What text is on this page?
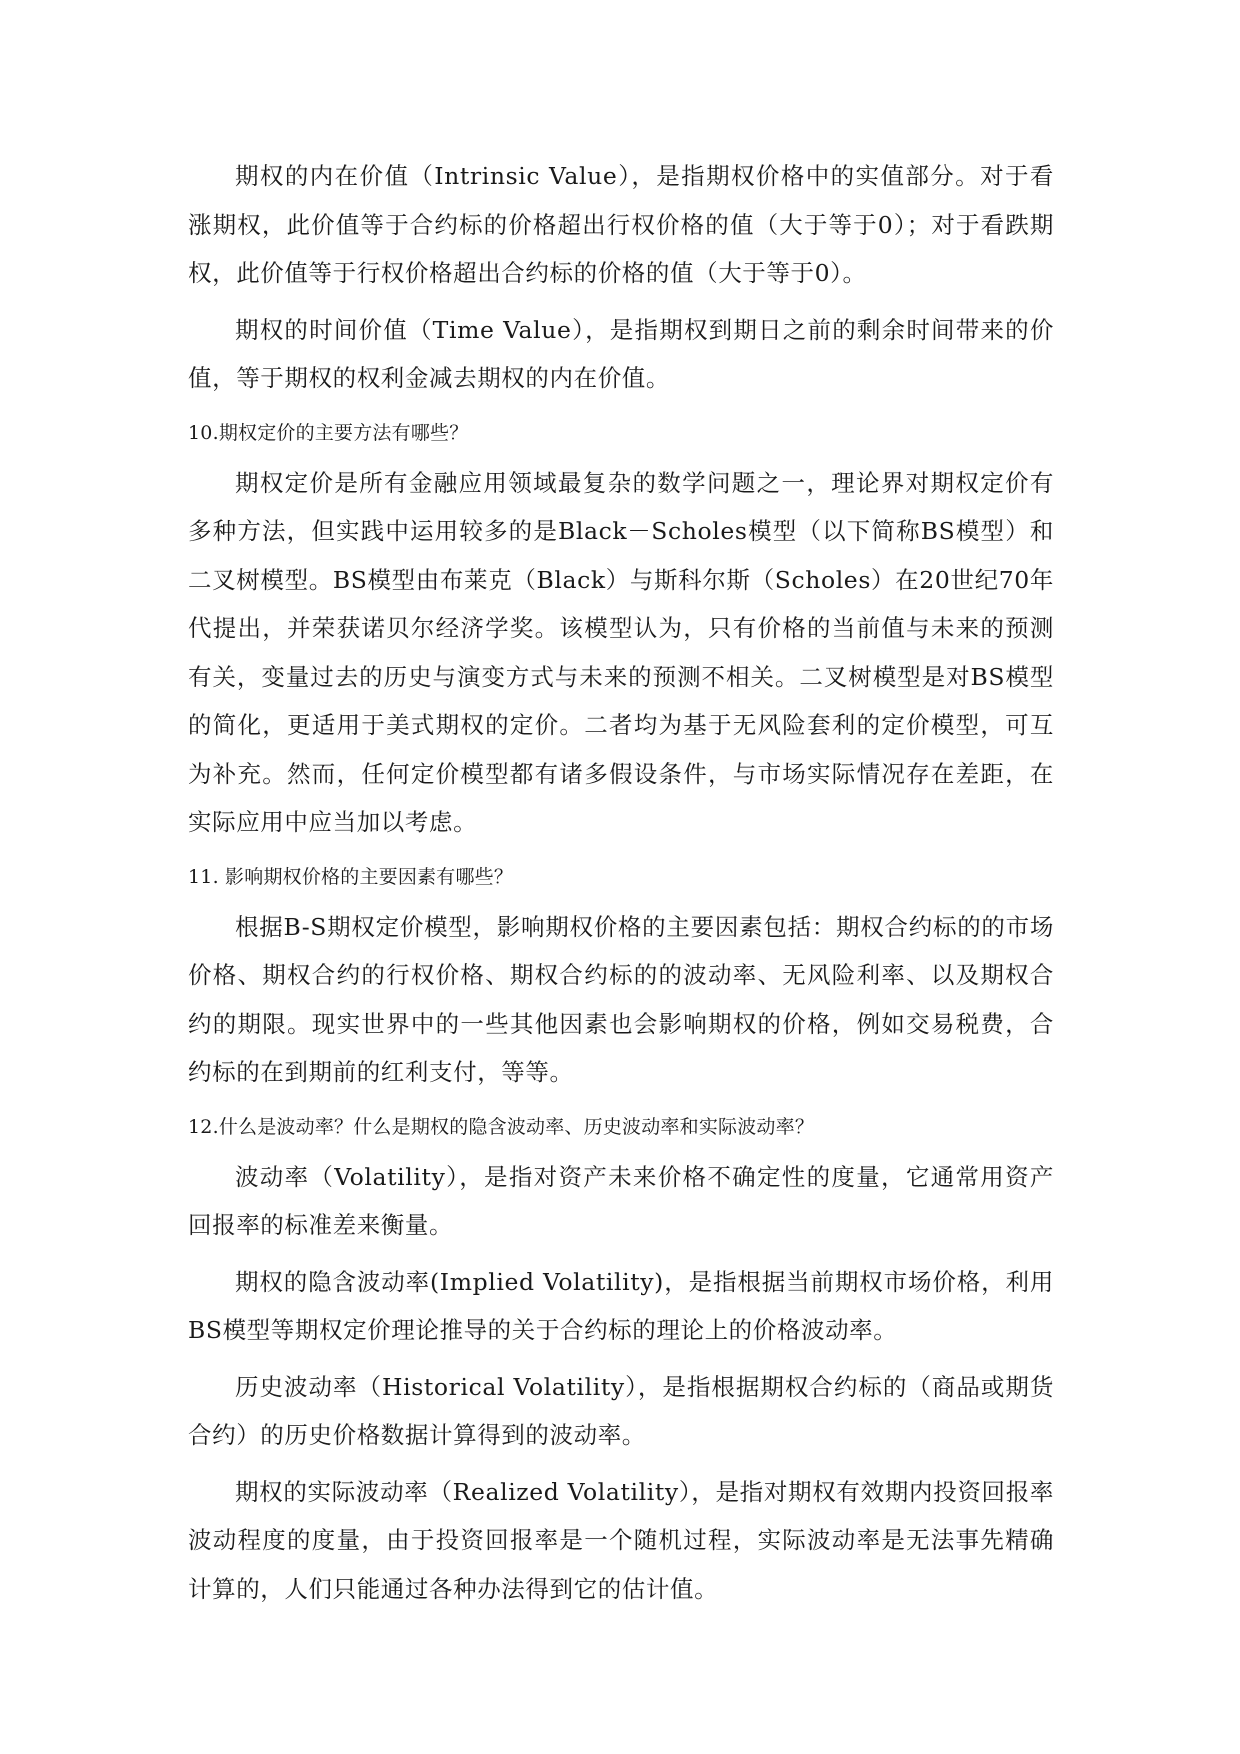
期权的内在价值（Intrinsic Value），是指期权价格中的实值部分。对于看涨期权，此价值等于合约标的价格超出行权价格的值（大于等于0）；对于看跌期权，此价值等于行权价格超出合约标的价格的值（大于等于0）。

期权的时间价值（Time Value），是指期权到期日之前的剩余时间带来的价值，等于期权的权利金减去期权的内在价值。

10.期权定价的主要方法有哪些？

期权定价是所有金融应用领域最复杂的数学问题之一，理论界对期权定价有多种方法，但实践中运用较多的是Black－Scholes模型（以下简称BS模型）和二叉树模型。BS模型由布莱克（Black）与斯科尔斯（Scholes）在20世纪70年代提出，并荣获诺贝尔经济学奖。该模型认为，只有价格的当前值与未来的预测有关，变量过去的历史与演变方式与未来的预测不相关。二叉树模型是对BS模型的简化，更适用于美式期权的定价。二者均为基于无风险套利的定价模型，可互为补充。然而，任何定价模型都有诸多假设条件，与市场实际情况存在差距，在实际应用中应当加以考虑。

11. 影响期权价格的主要因素有哪些？

根据B-S期权定价模型，影响期权价格的主要因素包括：期权合约标的的市场价格、期权合约的行权价格、期权合约标的的波动率、无风险利率、以及期权合约的期限。现实世界中的一些其他因素也会影响期权的价格，例如交易税费，合约标的在到期前的红利支付，等等。

12.什么是波动率？什么是期权的隐含波动率、历史波动率和实际波动率？

波动率（Volatility），是指对资产未来价格不确定性的度量，它通常用资产回报率的标准差来衡量。

期权的隐含波动率(Implied Volatility)，是指根据当前期权市场价格，利用BS模型等期权定价理论推导的关于合约标的理论上的价格波动率。

历史波动率（Historical Volatility），是指根据期权合约标的（商品或期货合约）的历史价格数据计算得到的波动率。

期权的实际波动率（Realized Volatility），是指对期权有效期内投资回报率波动程度的度量，由于投资回报率是一个随机过程，实际波动率是无法事先精确计算的，人们只能通过各种办法得到它的估计值。
